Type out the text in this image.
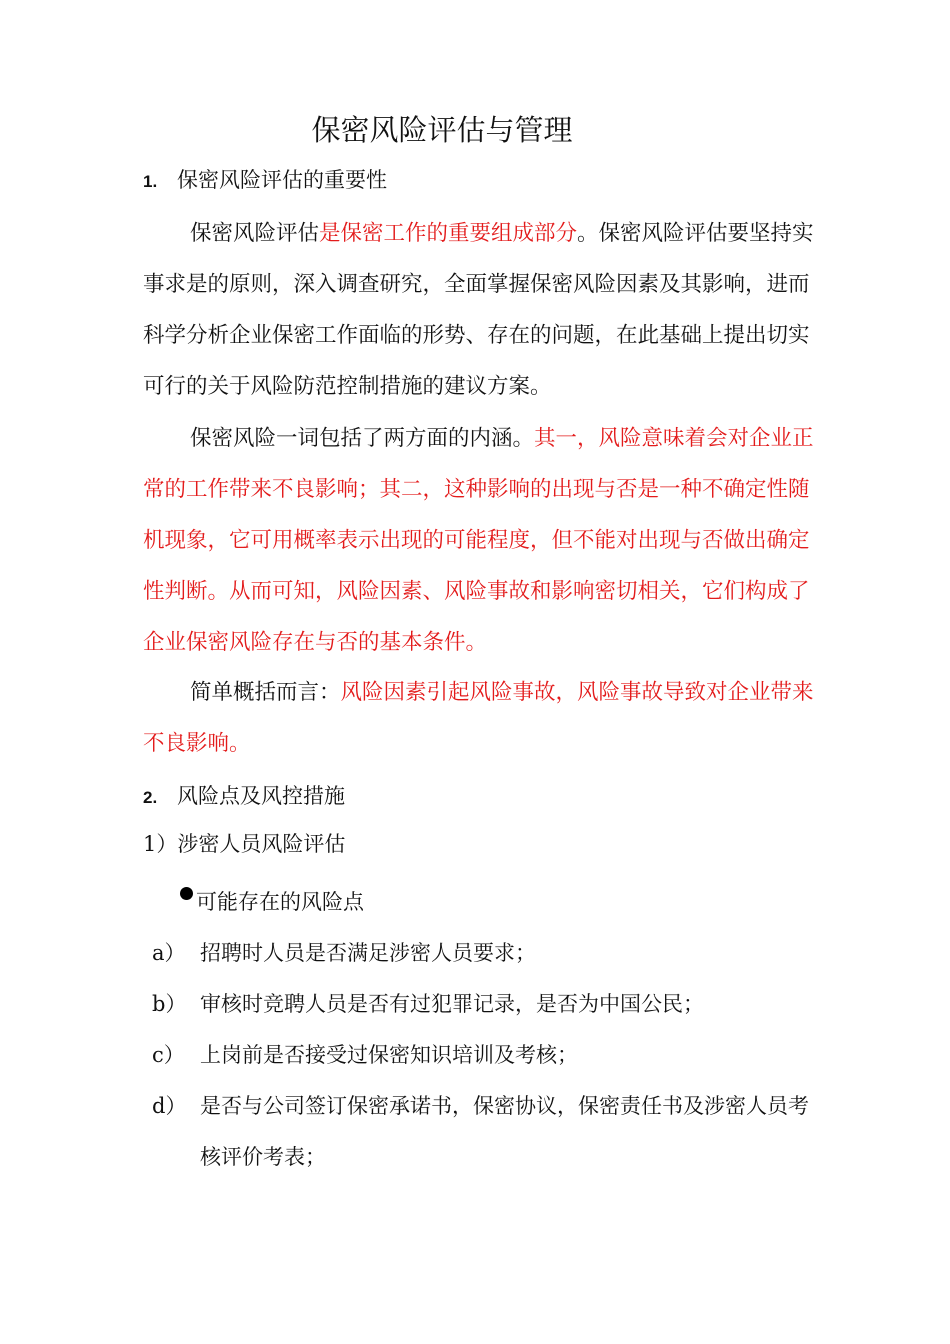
保密风险评估与管理
1. 保密风险评估的重要性
保密风险评估是保密工作的重要组成部分。保密风险评估要坚持实事求是的原则，深入调查研究，全面掌握保密风险因素及其影响，进而科学分析企业保密工作面临的形势、存在的问题，在此基础上提出切实可行的关于风险防范控制措施的建议方案。
保密风险一词包括了两方面的内涵。其一，风险意味着会对企业正常的工作带来不良影响；其二，这种影响的出现与否是一种不确定性随机现象，它可用概率表示出现的可能程度，但不能对出现与否做出确定性判断。从而可知，风险因素、风险事故和影响密切相关，它们构成了企业保密风险存在与否的基本条件。
简单概括而言：风险因素引起风险事故，风险事故导致对企业带来不良影响。
2. 风险点及风控措施
1）涉密人员风险评估
可能存在的风险点
a） 招聘时人员是否满足涉密人员要求；
b） 审核时竞聘人员是否有过犯罪记录，是否为中国公民；
c） 上岗前是否接受过保密知识培训及考核；
d） 是否与公司签订保密承诺书，保密协议，保密责任书及涉密人员考核评价考表；
